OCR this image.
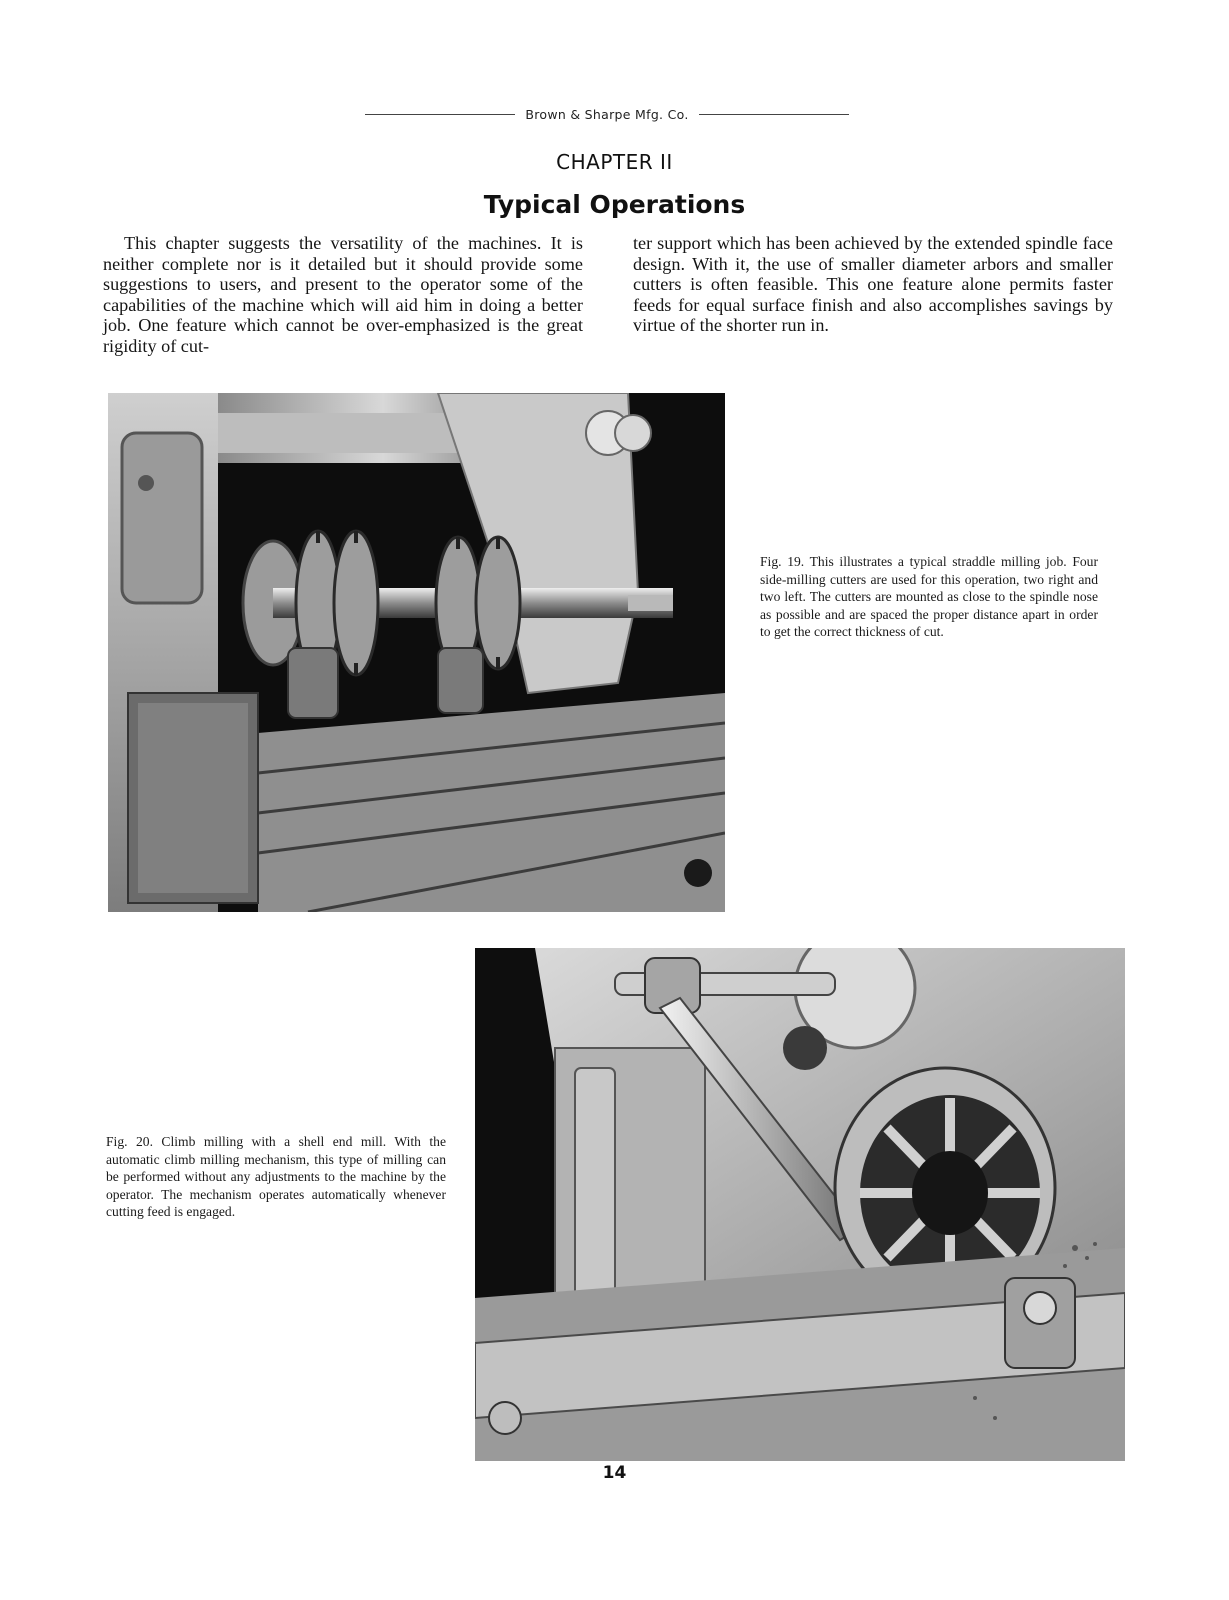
Brown & Sharpe Mfg. Co.
CHAPTER II
Typical Operations
This chapter suggests the versatility of the machines. It is neither complete nor is it detailed but it should provide some suggestions to users, and present to the operator some of the capabilities of the machine which will aid him in doing a better job. One feature which cannot be over-emphasized is the great rigidity of cut-
ter support which has been achieved by the extended spindle face design. With it, the use of smaller diameter arbors and smaller cutters is often feasible. This one feature alone permits faster feeds for equal surface finish and also accomplishes savings by virtue of the shorter run in.
Fig. 19. This illustrates a typical straddle milling job. Four side-milling cutters are used for this operation, two right and two left. The cutters are mounted as close to the spindle nose as possible and are spaced the proper distance apart in order to get the correct thickness of cut.
Fig. 20. Climb milling with a shell end mill. With the automatic climb milling mechanism, this type of milling can be performed without any adjustments to the machine by the operator. The mechanism operates automatically whenever cutting feed is engaged.
14
